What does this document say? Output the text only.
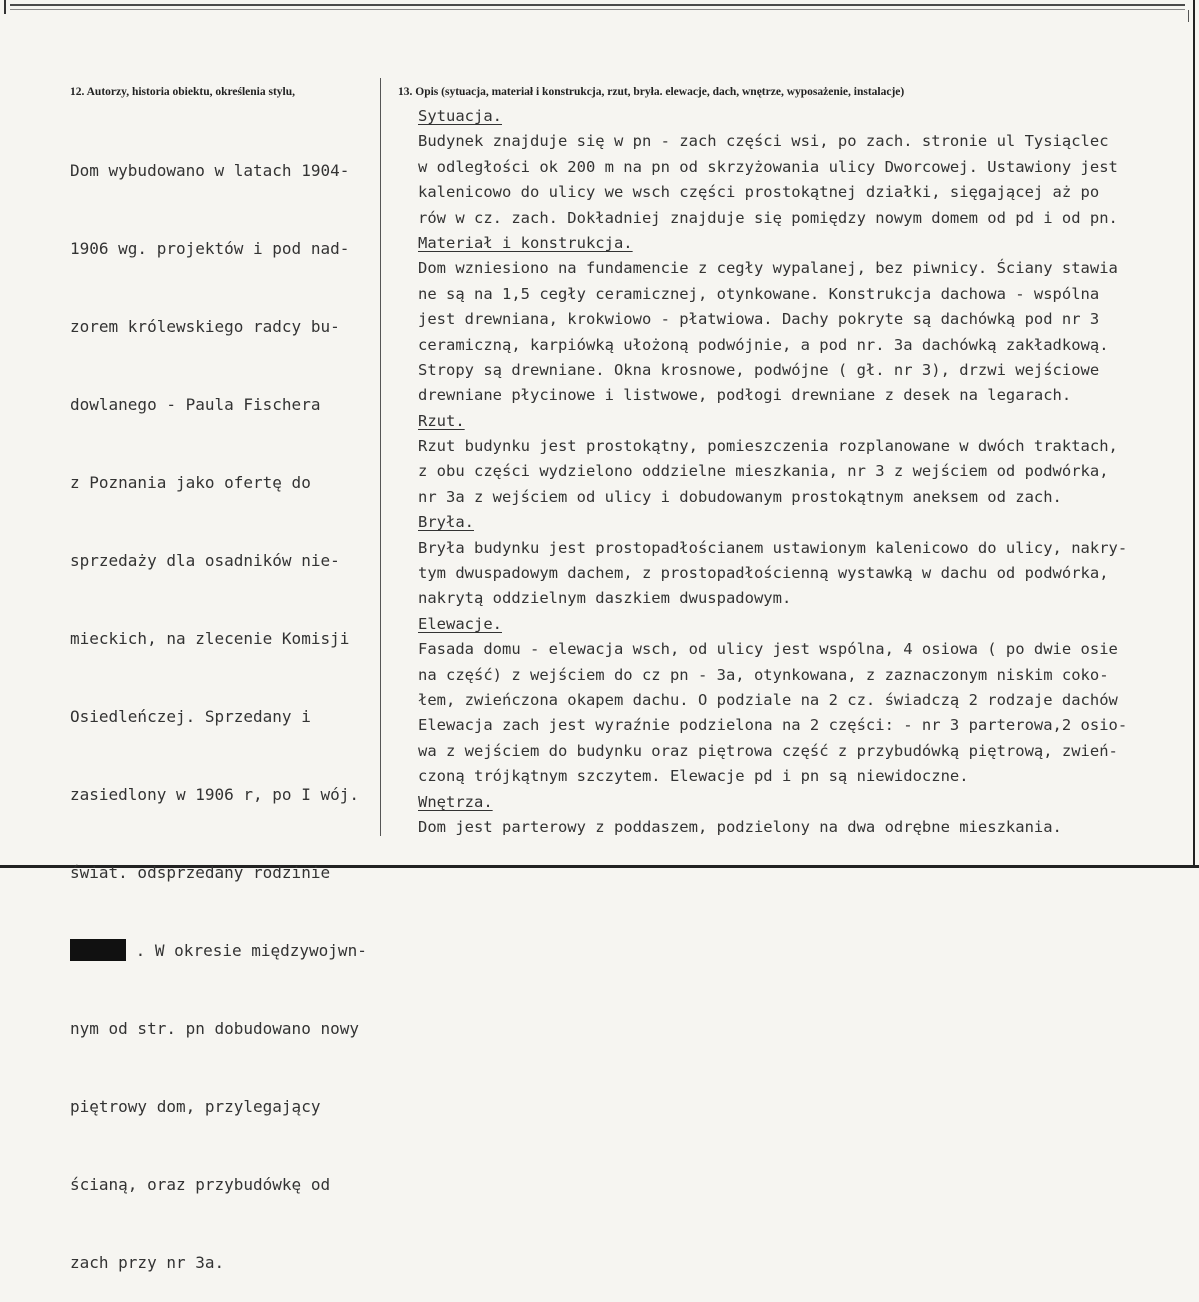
12. Autorzy, historia obiektu, określenia stylu,	13. Opis (sytuacja, materiał i konstrukcja, rzut, bryła. elewacje, dach, wnętrze, wyposażenie, instalacje)

Dom wybudowano w latach 1904-

1906 wg. projektów i pod nad-

zorem królewskiego radcy bu-

dowlanego - Paula Fischera

z Poznania jako ofertę do

sprzedaży dla osadników nie-

mieckich, na zlecenie Komisji

Osiedleńczej. Sprzedany i

zasiedlony w 1906 r, po I wój.

świat. odsprzedany rodzinie

. W okresie międzywojwn-

nym od str. pn dobudowano nowy

piętrowy dom, przylegający

ścianą, oraz przybudówkę od

zach przy nr 3a.

Sytuacja.
Budynek znajduje się w pn - zach części wsi, po zach. stronie ul Tysiąclec
w odległości ok 200 m na pn od skrzyżowania ulicy Dworcowej. Ustawiony jest
kalenicowo do ulicy we wsch części prostokątnej działki, sięgającej aż po
rów w cz. zach. Dokładniej znajduje się pomiędzy nowym domem od pd i od pn.
Materiał i konstrukcja.
Dom wzniesiono na fundamencie z cegły wypalanej, bez piwnicy. Ściany stawia
ne są na 1,5 cegły ceramicznej, otynkowane. Konstrukcja dachowa - wspólna
jest drewniana, krokwiowo - płatwiowa. Dachy pokryte są dachówką pod nr 3
ceramiczną, karpiówką ułożoną podwójnie, a pod nr. 3a dachówką zakładkową.
Stropy są drewniane. Okna krosnowe, podwójne ( gł. nr 3), drzwi wejściowe
drewniane płycinowe i listwowe, podłogi drewniane z desek na legarach.
Rzut.
Rzut budynku jest prostokątny, pomieszczenia rozplanowane w dwóch traktach,
z obu części wydzielono oddzielne mieszkania, nr 3 z wejściem od podwórka,
nr 3a z wejściem od ulicy i dobudowanym prostokątnym aneksem od zach.
Bryła.
Bryła budynku jest prostopadłościanem ustawionym kalenicowo do ulicy, nakry-
tym dwuspadowym dachem, z prostopadłościenną wystawką w dachu od podwórka,
nakrytą oddzielnym daszkiem dwuspadowym.
Elewacje.
Fasada domu - elewacja wsch, od ulicy jest wspólna, 4 osiowa ( po dwie osie
na część) z wejściem do cz pn - 3a, otynkowana, z zaznaczonym niskim coko-
łem, zwieńczona okapem dachu. O podziale na 2 cz. świadczą 2 rodzaje dachów
Elewacja zach jest wyraźnie podzielona na 2 części: - nr 3 parterowa,2 osio-
wa z wejściem do budynku oraz piętrowa część z przybudówką piętrową, zwień-
czoną trójkątnym szczytem. Elewacje pd i pn są niewidoczne.
Wnętrza.
Dom jest parterowy z poddaszem, podzielony na dwa odrębne mieszkania.
